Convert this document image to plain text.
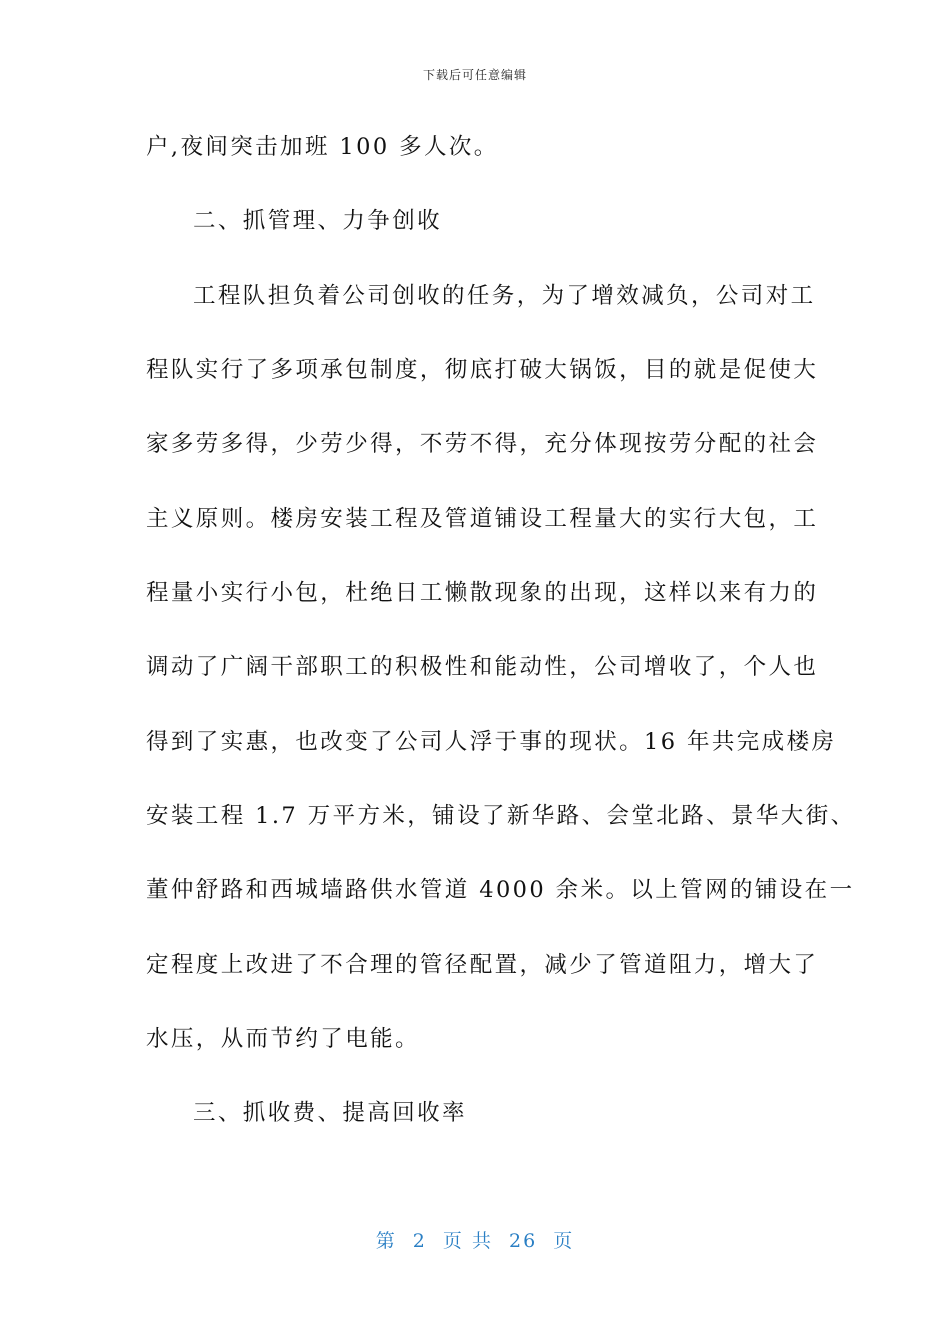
下载后可任意编辑
户,夜间突击加班 100 多人次。
二、抓管理、力争创收
工程队担负着公司创收的任务，为了增效减负，公司对工
程队实行了多项承包制度，彻底打破大锅饭，目的就是促使大
家多劳多得，少劳少得，不劳不得，充分体现按劳分配的社会
主义原则。楼房安装工程及管道铺设工程量大的实行大包，工
程量小实行小包，杜绝日工懒散现象的出现，这样以来有力的
调动了广阔干部职工的积极性和能动性，公司增收了，个人也
得到了实惠，也改变了公司人浮于事的现状。16 年共完成楼房
安装工程 1.7 万平方米，铺设了新华路、会堂北路、景华大街、
董仲舒路和西城墙路供水管道 4000 余米。以上管网的铺设在一
定程度上改进了不合理的管径配置，减少了管道阻力，增大了
水压，从而节约了电能。
三、抓收费、提高回收率
第  2  页 共  26  页
